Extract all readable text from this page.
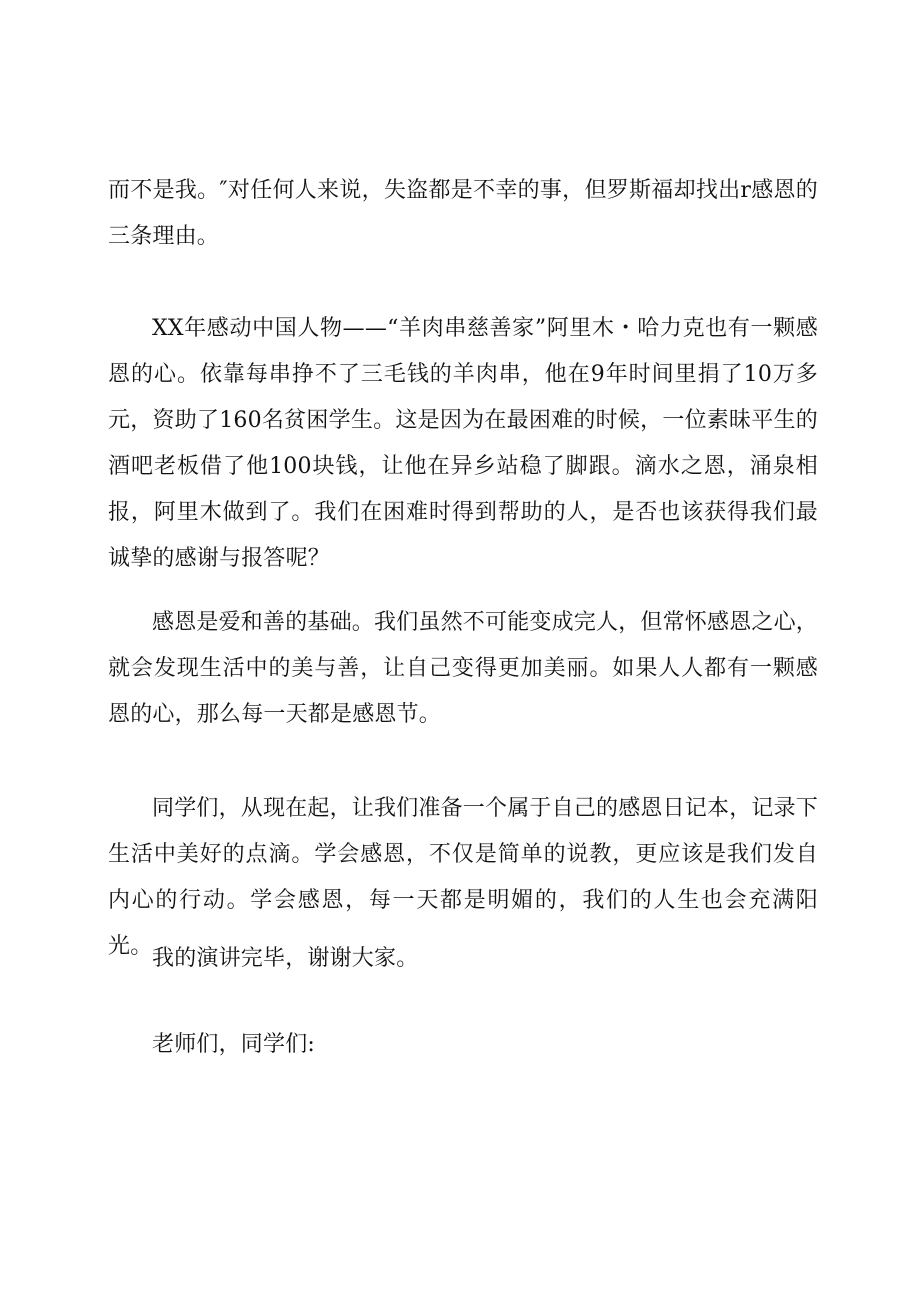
而不是我。″对任何人来说，失盗都是不幸的事，但罗斯福却找出r感恩的三条理由。

XX年感动中国人物——“羊肉串慈善家”阿里木・哈力克也有一颗感恩的心。依靠每串挣不了三毛钱的羊肉串，他在9年时间里捐了10万多元，资助了160名贫困学生。这是因为在最困难的时候，一位素昧平生的酒吧老板借了他100块钱，让他在异乡站稳了脚跟。滴水之恩，涌泉相报，阿里木做到了。我们在困难时得到帮助的人，是否也该获得我们最诚挚的感谢与报答呢？

感恩是爱和善的基础。我们虽然不可能变成完人，但常怀感恩之心，就会发现生活中的美与善，让自己变得更加美丽。如果人人都有一颗感恩的心，那么每一天都是感恩节。

同学们，从现在起，让我们准备一个属于自己的感恩日记本，记录下生活中美好的点滴。学会感恩，不仅是简单的说教，更应该是我们发自内心的行动。学会感恩，每一天都是明媚的，我们的人生也会充满阳光。 我的演讲完毕，谢谢大家。

老师们，同学们:
